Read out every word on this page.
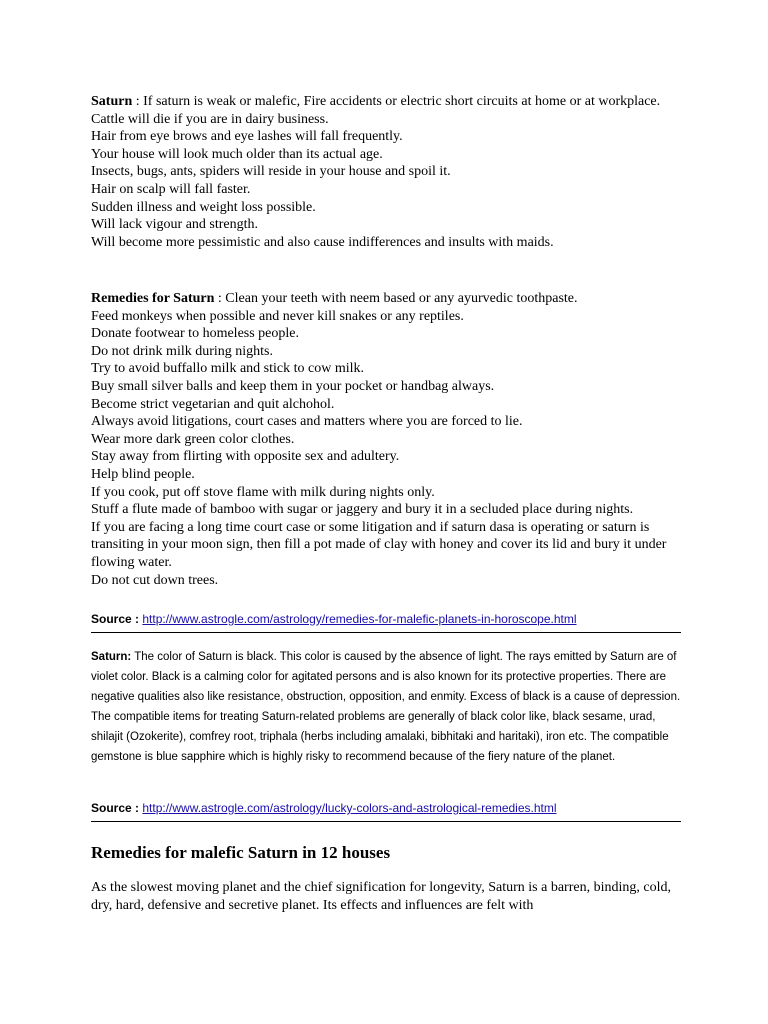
Saturn : If saturn is weak or malefic, Fire accidents or electric short circuits at home or at workplace.

Cattle will die if you are in dairy business.

Hair from eye brows and eye lashes will fall frequently.

Your house will look much older than its actual age.

Insects, bugs, ants, spiders will reside in your house and spoil it.

Hair on scalp will fall faster.

Sudden illness and weight loss possible.

Will lack vigour and strength.

Will become more pessimistic and also cause indifferences and insults with maids.

Remedies for Saturn : Clean your teeth with neem based or any ayurvedic toothpaste.

Feed monkeys when possible and never kill snakes or any reptiles.

Donate footwear to homeless people.

Do not drink milk during nights.

Try to avoid buffallo milk and stick to cow milk.

Buy small silver balls and keep them in your pocket or handbag always.

Become strict vegetarian and quit alchohol.

Always avoid litigations, court cases and matters where you are forced to lie.

Wear more dark green color clothes.

Stay away from flirting with opposite sex and adultery.

Help blind people.

If you cook, put off stove flame with milk during nights only.

Stuff a flute made of bamboo with sugar or jaggery and bury it in a secluded place during nights.

If you are facing a long time court case or some litigation and if saturn dasa is operating or saturn is transiting in your moon sign, then fill a pot made of clay with honey and cover its lid and bury it under flowing water.

Do not cut down trees.

Source : http://www.astrogle.com/astrology/remedies-for-malefic-planets-in-horoscope.html
Saturn: The color of Saturn is black. This color is caused by the absence of light. The rays emitted by Saturn are of violet color. Black is a calming color for agitated persons and is also known for its protective properties. There are negative qualities also like resistance, obstruction, opposition, and enmity. Excess of black is a cause of depression. The compatible items for treating Saturn-related problems are generally of black color like, black sesame, urad, shilajit (Ozokerite), comfrey root, triphala (herbs including amalaki, bibhitaki and haritaki), iron etc. The compatible gemstone is blue sapphire which is highly risky to recommend because of the fiery nature of the planet.
Source : http://www.astrogle.com/astrology/lucky-colors-and-astrological-remedies.html
Remedies for malefic Saturn in 12 houses

As the slowest moving planet and the chief signification for longevity, Saturn is a barren, binding, cold, dry, hard, defensive and secretive planet. Its effects and influences are felt with
